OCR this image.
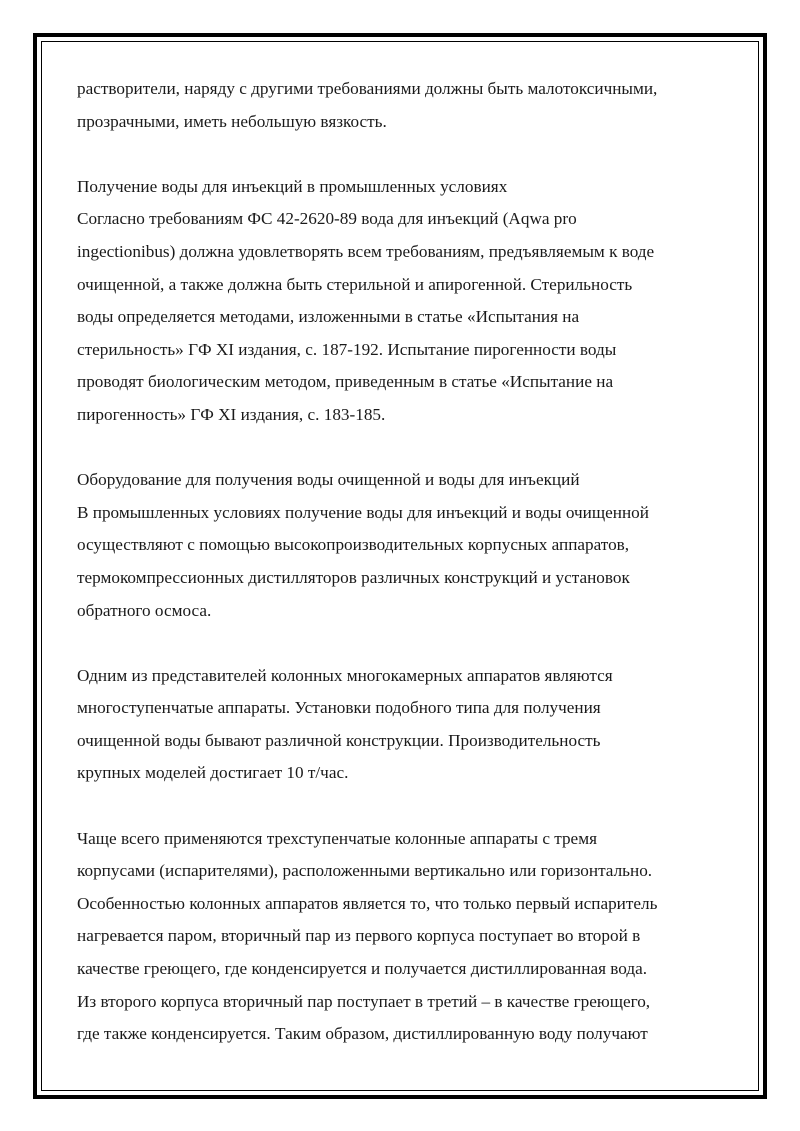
растворители, наряду с другими требованиями должны быть малотоксичными,
прозрачными, иметь небольшую вязкость.

Получение воды для инъекций в промышленных условиях
Согласно требованиям ФС 42-2620-89 вода для инъекций (Aqwa pro
ingectionibus) должна удовлетворять всем требованиям, предъявляемым к воде
очищенной, а также должна быть стерильной и апирогенной. Стерильность
воды определяется методами, изложенными в статье «Испытания на
стерильность» ГФ XI издания, с. 187-192. Испытание пирогенности воды
проводят биологическим методом, приведенным в статье «Испытание на
пирогенность» ГФ XI издания, с. 183-185.

Оборудование для получения воды очищенной и воды для инъекций
В промышленных условиях получение воды для инъекций и воды очищенной
осуществляют с помощью высокопроизводительных корпусных аппаратов,
термокомпрессионных дистилляторов различных конструкций и установок
обратного осмоса.

Одним из представителей колонных многокамерных аппаратов являются
многоступенчатые аппараты. Установки подобного типа для получения
очищенной воды бывают различной конструкции. Производительность
крупных моделей достигает 10 т/час.

Чаще всего применяются трехступенчатые колонные аппараты с тремя
корпусами (испарителями), расположенными вертикально или горизонтально.
Особенностью колонных аппаратов является то, что только первый испаритель
нагревается паром, вторичный пар из первого корпуса поступает во второй в
качестве греющего, где конденсируется и получается дистиллированная вода.
Из второго корпуса вторичный пар поступает в третий – в качестве греющего,
где также конденсируется. Таким образом, дистиллированную воду получают
